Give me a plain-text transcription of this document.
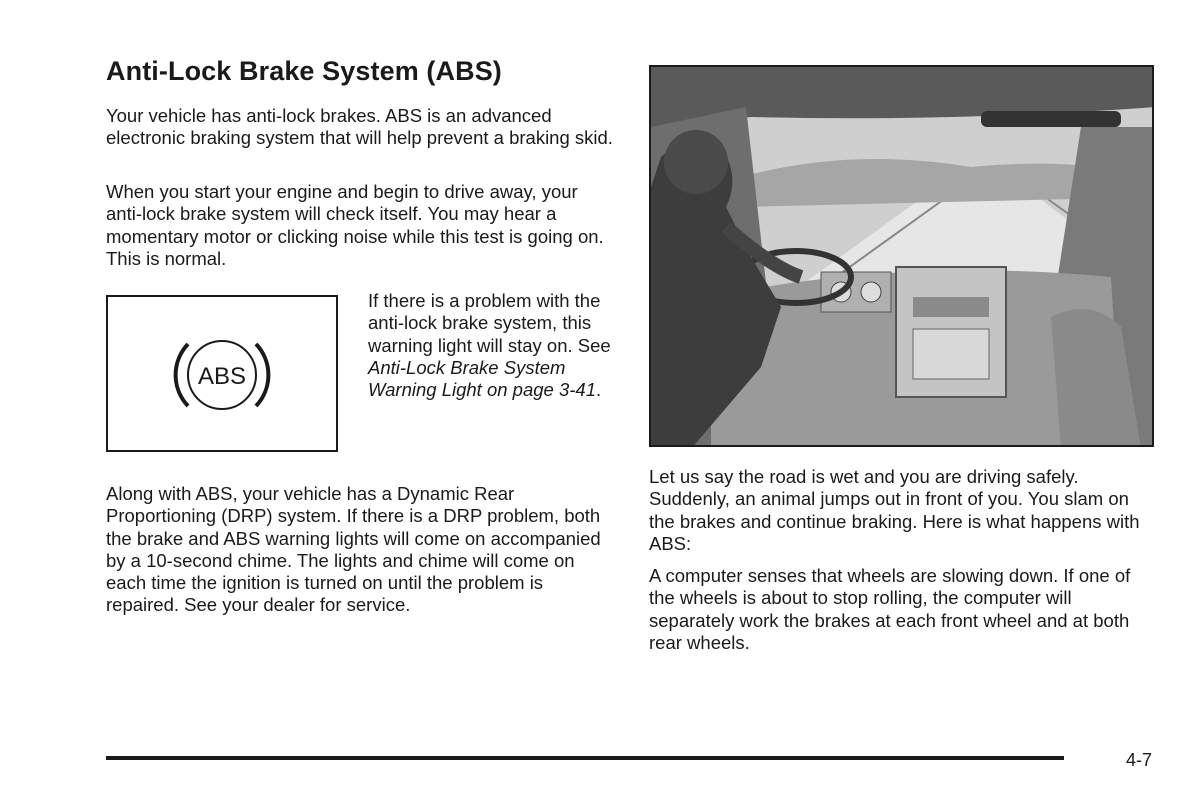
Anti-Lock Brake System (ABS)

Your vehicle has anti-lock brakes. ABS is an advanced electronic braking system that will help prevent a braking skid.

When you start your engine and begin to drive away, your anti-lock brake system will check itself. You may hear a momentary motor or clicking noise while this test is going on. This is normal.

ABS

If there is a problem with the anti-lock brake system, this warning light will stay on. See Anti-Lock Brake System Warning Light on page 3-41.

Along with ABS, your vehicle has a Dynamic Rear Proportioning (DRP) system. If there is a DRP problem, both the brake and ABS warning lights will come on accompanied by a 10-second chime. The lights and chime will come on each time the ignition is turned on until the problem is repaired. See your dealer for service.

Let us say the road is wet and you are driving safely. Suddenly, an animal jumps out in front of you. You slam on the brakes and continue braking. Here is what happens with ABS:

A computer senses that wheels are slowing down. If one of the wheels is about to stop rolling, the computer will separately work the brakes at each front wheel and at both rear wheels.

4-7
